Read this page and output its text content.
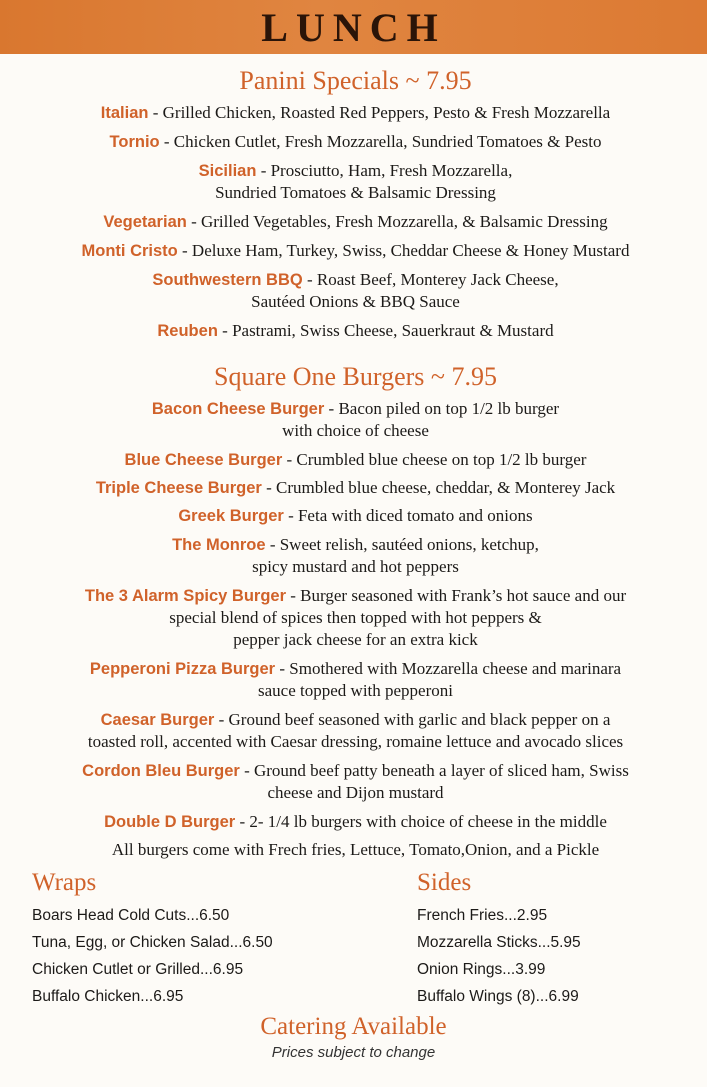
LUNCH

Panini Specials ~ 7.95

Italian - Grilled Chicken, Roasted Red Peppers, Pesto & Fresh Mozzarella

Tornio - Chicken Cutlet, Fresh Mozzarella, Sundried Tomatoes & Pesto

Sicilian - Prosciutto, Ham, Fresh Mozzarella,
Sundried Tomatoes & Balsamic Dressing

Vegetarian - Grilled Vegetables, Fresh Mozzarella, & Balsamic Dressing

Monti Cristo - Deluxe Ham, Turkey, Swiss, Cheddar Cheese & Honey Mustard

Southwestern BBQ - Roast Beef, Monterey Jack Cheese,
Sautéed Onions & BBQ Sauce

Reuben - Pastrami, Swiss Cheese, Sauerkraut & Mustard

Square One Burgers ~ 7.95

Bacon Cheese Burger - Bacon piled on top 1/2 lb burger
with choice of cheese

Blue Cheese Burger - Crumbled blue cheese on top 1/2 lb burger

Triple Cheese Burger - Crumbled blue cheese, cheddar, & Monterey Jack

Greek Burger - Feta with diced tomato and onions

The Monroe - Sweet relish, sautéed onions, ketchup,
spicy mustard and hot peppers

The 3 Alarm Spicy Burger - Burger seasoned with Frank’s hot sauce and our
special blend of spices then topped with hot peppers &
pepper jack cheese for an extra kick

Pepperoni Pizza Burger - Smothered with Mozzarella cheese and marinara
sauce topped with pepperoni

Caesar Burger - Ground beef seasoned with garlic and black pepper on a
toasted roll, accented with Caesar dressing, romaine lettuce and avocado slices

Cordon Bleu Burger - Ground beef patty beneath a layer of sliced ham, Swiss
cheese and Dijon mustard

Double D Burger - 2- 1/4 lb burgers with choice of cheese in the middle

All burgers come with Frech fries, Lettuce, Tomato,Onion, and a Pickle

Wraps

Boars Head Cold Cuts...6.50
Tuna, Egg, or Chicken Salad...6.50
Chicken Cutlet or Grilled...6.95
Buffalo Chicken...6.95

Sides

French Fries...2.95
Mozzarella Sticks...5.95
Onion Rings...3.99
Buffalo Wings (8)...6.99

Catering Available

Prices subject to change
